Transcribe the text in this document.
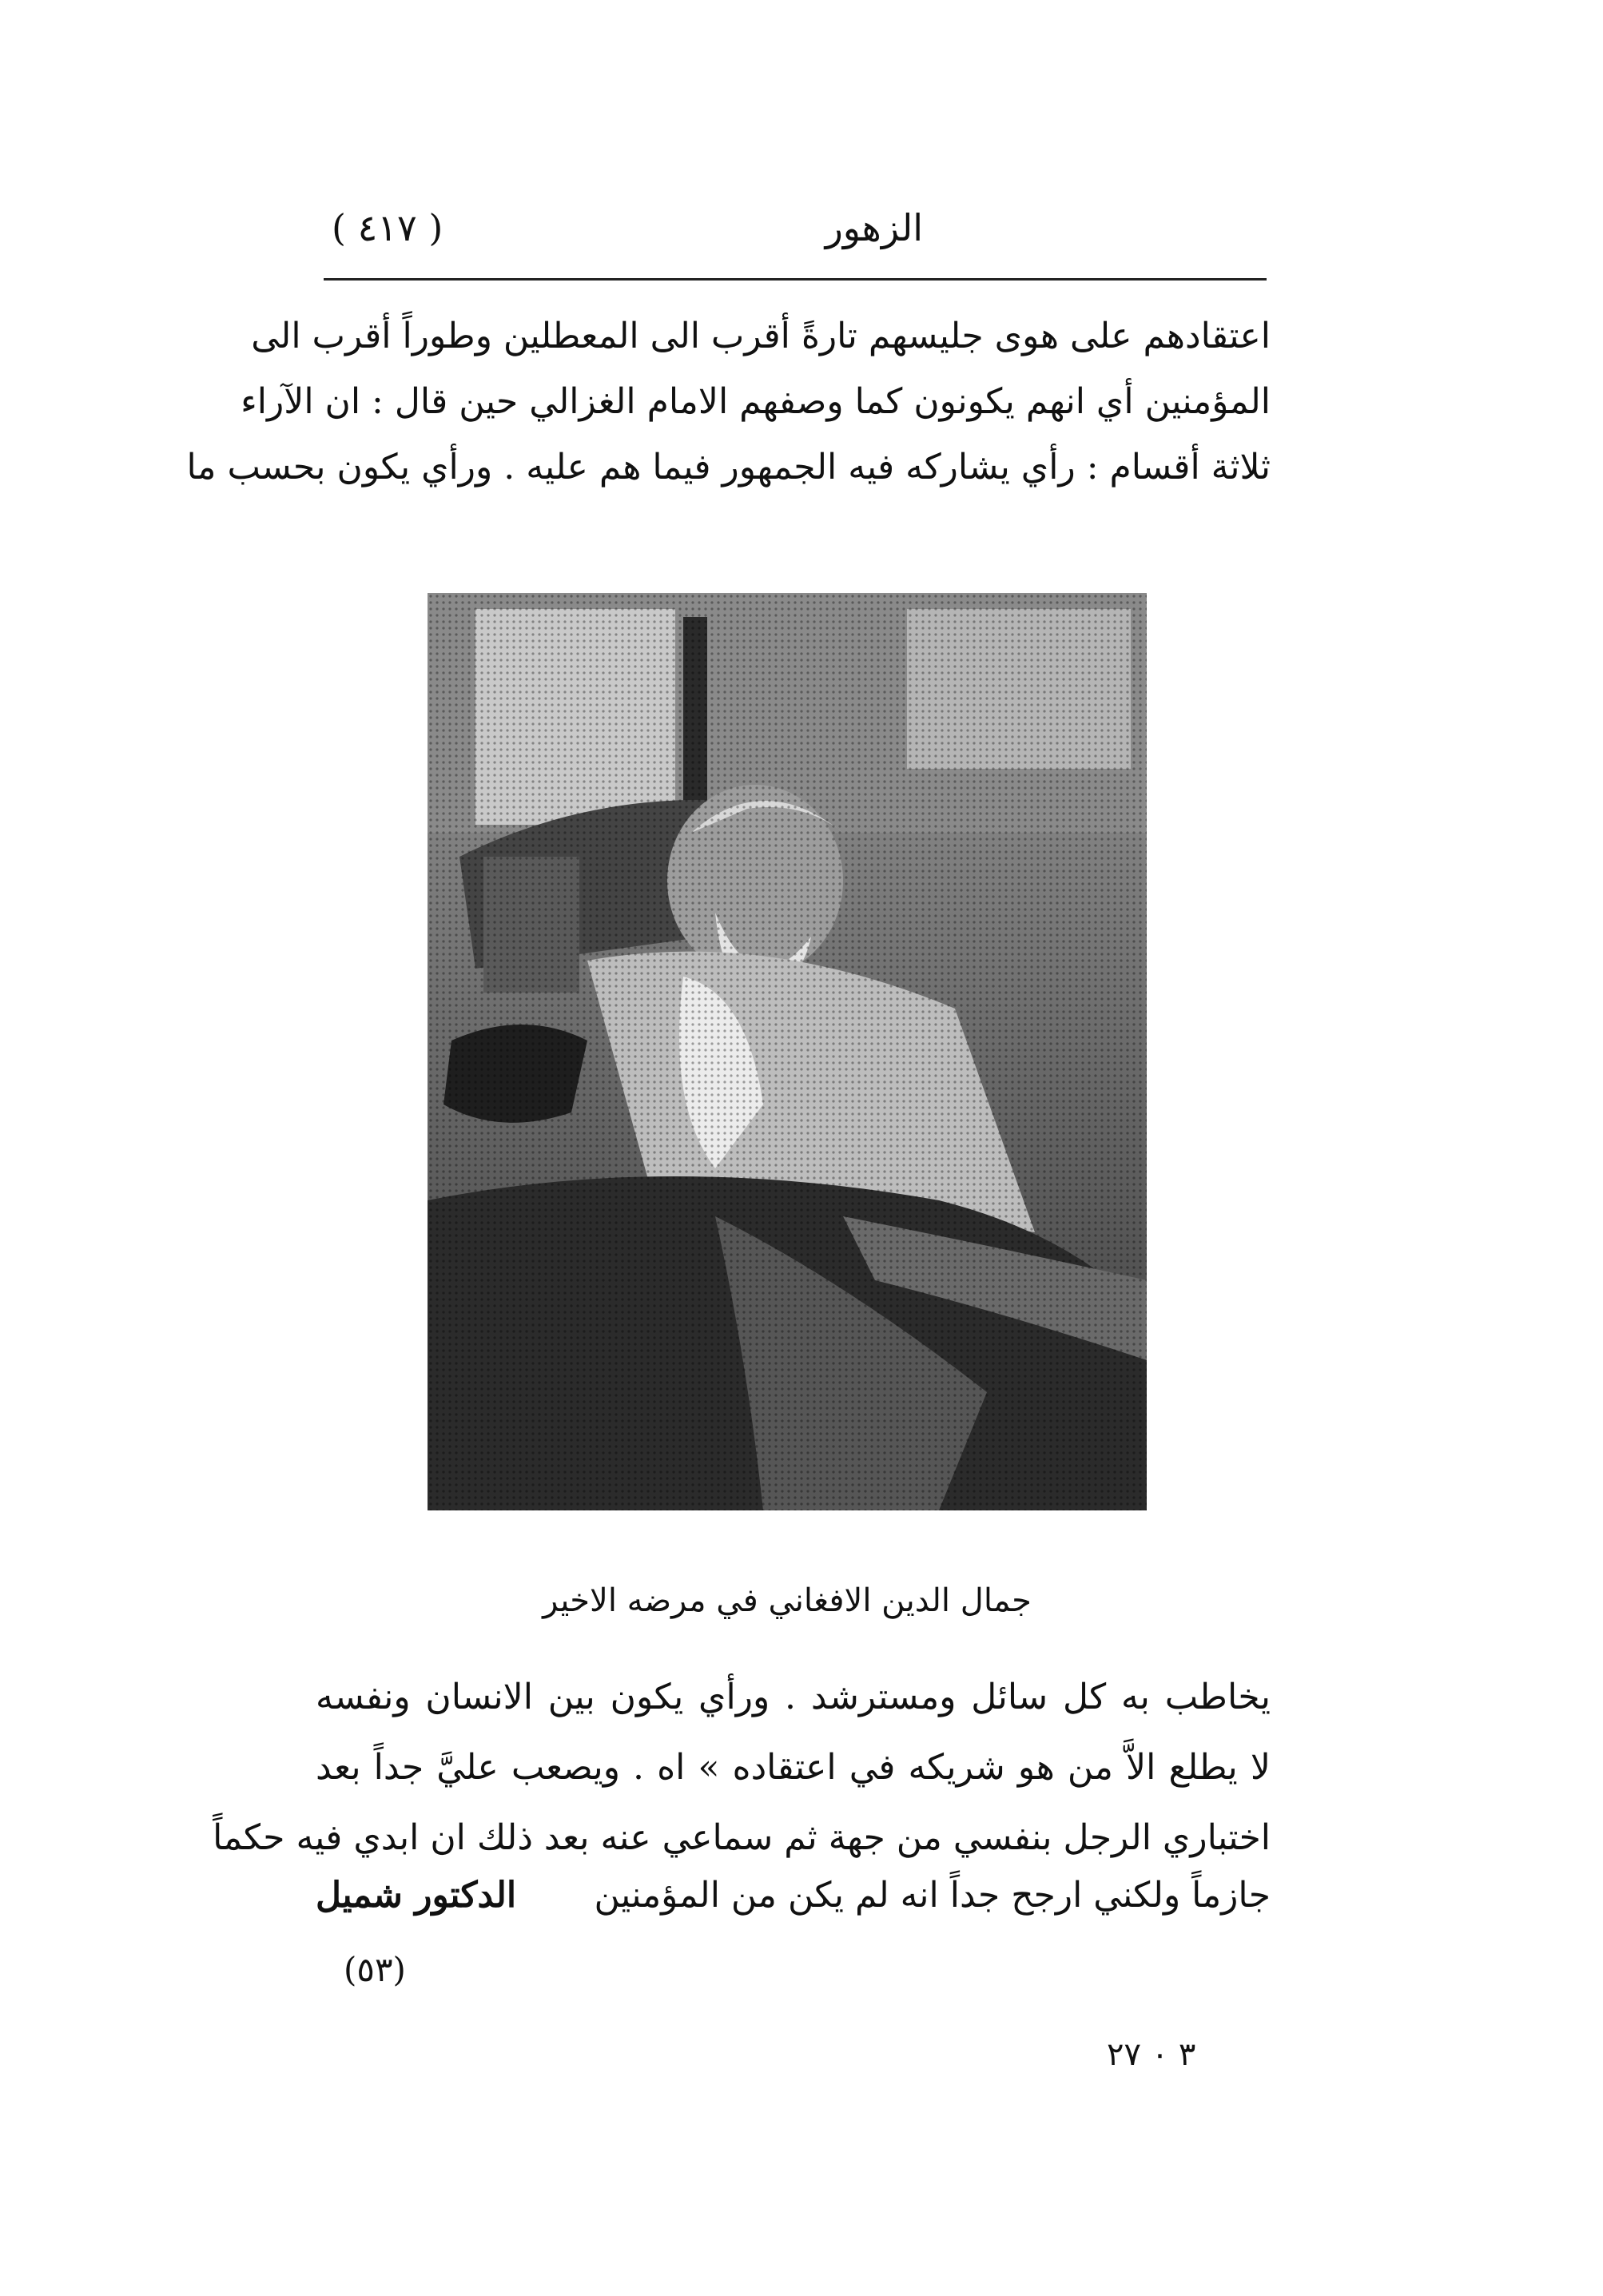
الزهور
( ٤١٧ )
اعتقادهم على هوى جليسهم تارةً أقرب الى المعطلين وطوراً أقرب الى
المؤمنين أي انهم يكونون كما وصفهم الامام الغزالي حين قال : ان الآراء
ثلاثة أقسام : رأي يشاركه فيه الجمهور فيما هم عليه . ورأي يكون بحسب ما
جمال الدين الافغاني في مرضه الاخير
يخاطب به كل سائل ومسترشد . ورأي يكون بين الانسان ونفسه
لا يطلع الاَّ من هو شريكه في اعتقاده » اه . ويصعب عليَّ جداً بعد
اختباري الرجل بنفسي من جهة ثم سماعي عنه بعد ذلك ان ابدي فيه حكماً
جازماً ولكني ارجح جداً انه لم يكن من المؤمنين
الدكتور شميل
(٥٣)
٣ ٠ ٢٧
